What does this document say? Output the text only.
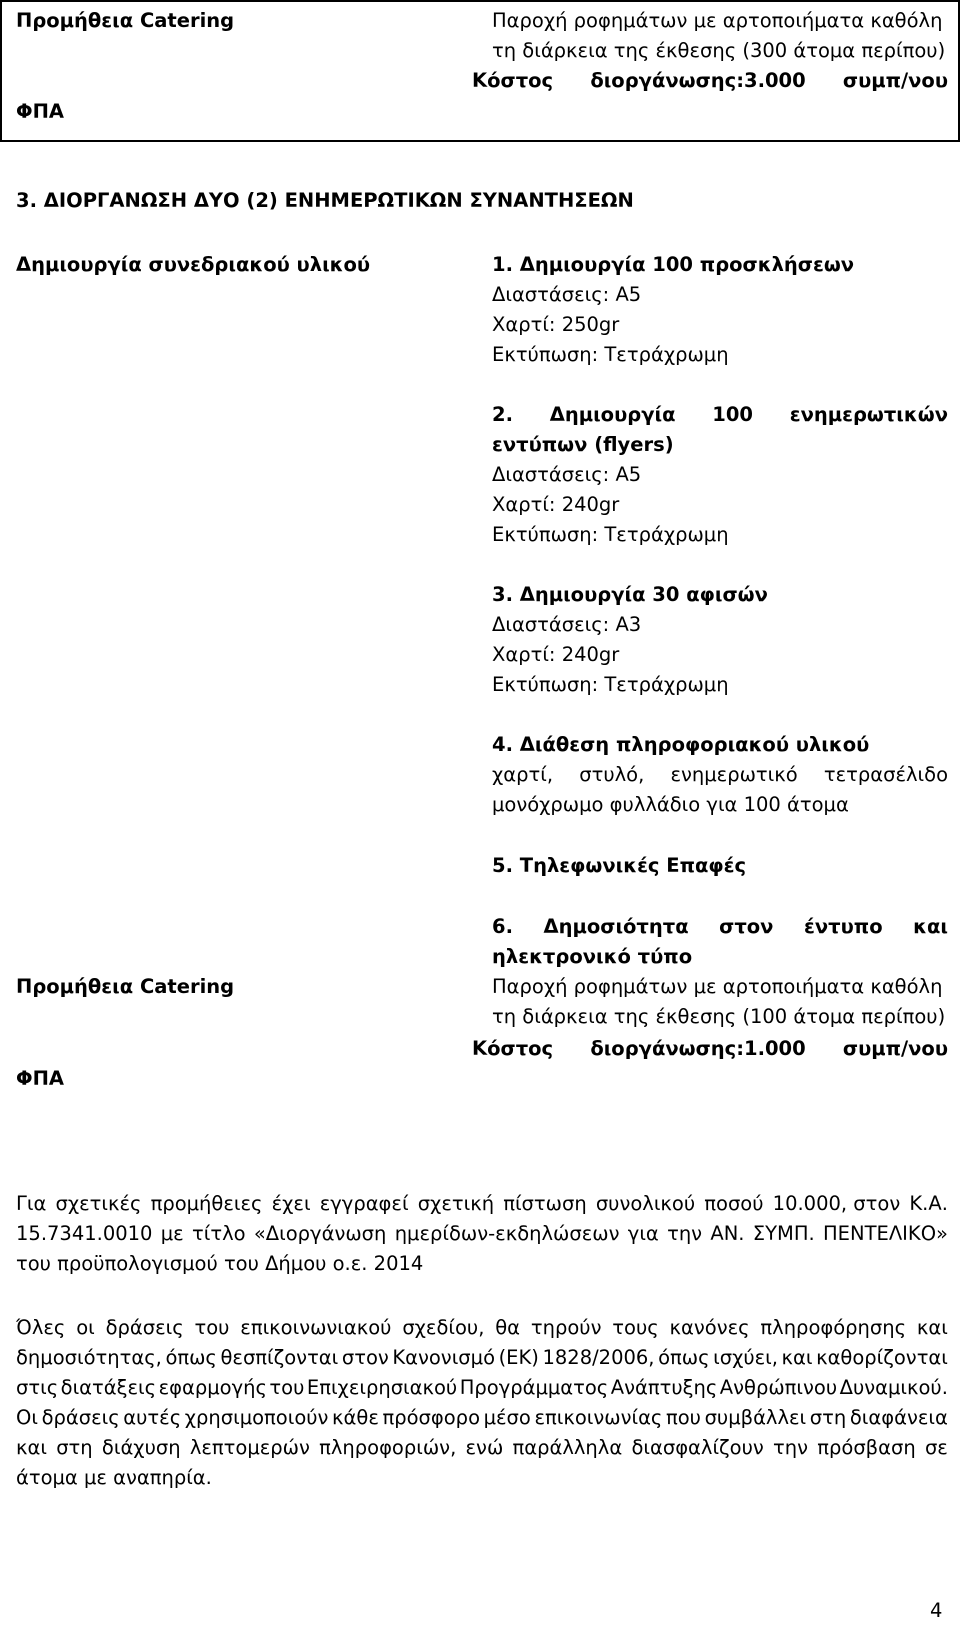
Προμήθεια Catering
ΦΠΑ
Παροχή ροφημάτων με αρτοποιήματα καθόλη
τη διάρκεια της έκθεσης (300 άτομα περίπου)
Κόστος διοργάνωσης:3.000 συμπ/νου
3. ΔΙΟΡΓΑΝΩΣΗ ΔΥΟ (2) ΕΝΗΜΕΡΩΤΙΚΩΝ ΣΥΝΑΝΤΗΣΕΩΝ
Δημιουργία συνεδριακού υλικού	1. Δημιουργία 100 προσκλήσεων
Διαστάσεις: Α5
Χαρτί: 250gr
Εκτύπωση: Τετράχρωμη
2. Δημιουργία 100 ενημερωτικών
εντύπων (flyers)
Διαστάσεις: Α5
Χαρτί: 240gr
Εκτύπωση: Τετράχρωμη
3. Δημιουργία 30 αφισών
Διαστάσεις: Α3
Χαρτί: 240gr
Εκτύπωση: Τετράχρωμη
4. Διάθεση πληροφοριακού υλικού
χαρτί, στυλό, ενημερωτικό τετρασέλιδο
μονόχρωμο φυλλάδιο για 100 άτομα
5. Τηλεφωνικές Επαφές
6. Δημοσιότητα στον έντυπο και
ηλεκτρονικό τύπο
Προμήθεια Catering
ΦΠΑ
Παροχή ροφημάτων με αρτοποιήματα καθόλη
τη διάρκεια της έκθεσης (100 άτομα περίπου)
Κόστος διοργάνωσης:1.000 συμπ/νου
Για σχετικές προμήθειες έχει εγγραφεί σχετική πίστωση συνολικού ποσού 10.000, στον Κ.Α.
15.7341.0010 με τίτλο «Διοργάνωση ημερίδων-εκδηλώσεων για την ΑΝ. ΣΥΜΠ. ΠΕΝΤΕΛΙΚΟ»
του προϋπολογισμού του Δήμου ο.ε. 2014
Όλες οι δράσεις του επικοινωνιακού σχεδίου, θα τηρούν τους κανόνες πληροφόρησης και
δημοσιότητας, όπως θεσπίζονται στον Κανονισμό (ΕΚ) 1828/2006, όπως ισχύει, και καθορίζονται
στις διατάξεις εφαρμογής του Επιχειρησιακού Προγράμματος Ανάπτυξης Ανθρώπινου Δυναμικού.
Οι δράσεις αυτές χρησιμοποιούν κάθε πρόσφορο μέσο επικοινωνίας που συμβάλλει στη διαφάνεια
και στη διάχυση λεπτομερών πληροφοριών, ενώ παράλληλα διασφαλίζουν την πρόσβαση σε
άτομα με αναπηρία.
4
